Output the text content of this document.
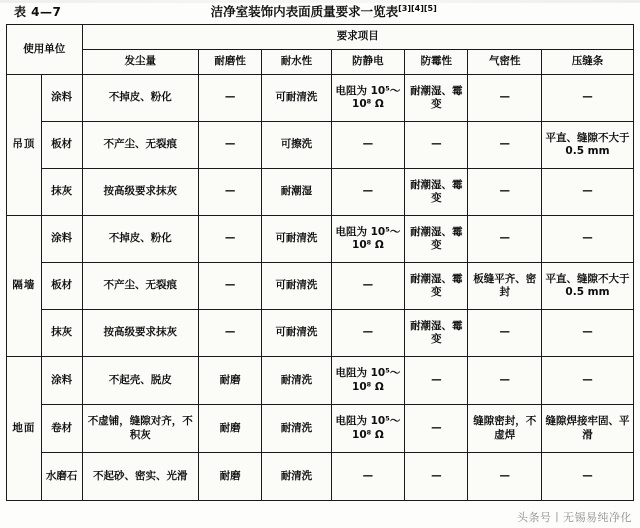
表 4—7	洁净室装饰内表面质量要求一览表[3][4][5]
使用单位		要求项目						
		发尘量	耐磨性	耐水性	防静电	防霉性	气密性	压缝条
吊顶	涂料	不掉皮、粉化	—	可耐清洗	电阻为 10⁵～10⁸ Ω	耐潮湿、霉变	—	—
	板材	不产尘、无裂痕	—	可擦洗	—	—	—	平直、缝隙不大于 0.5 mm
	抹灰	按高级要求抹灰	—	耐潮湿	—	耐潮湿、霉变	—	—
隔墙	涂料	不掉皮、粉化	—	可耐清洗	电阻为 10⁵～10⁸ Ω	耐潮湿、霉变	—	—
	板材	不产尘、无裂痕	—	可耐清洗	—	耐潮湿、霉变	板缝平齐、密封	平直、缝隙不大于 0.5 mm
	抹灰	按高级要求抹灰	—	可耐清洗	—	耐潮湿、霉变	—	—
地面	涂料	不起壳、脱皮	耐磨	耐清洗	电阻为 10⁵～10⁸ Ω	—	—	—
	卷材	不虚铺，缝隙对齐，不积灰	耐磨	耐清洗	电阻为 10⁵～10⁸ Ω	—	缝隙密封，不虚焊	缝隙焊接牢固、平滑
	水磨石	不起砂、密实、光滑	耐磨	耐清洗	—	—	—	—
头条号丨无锡易纯净化
